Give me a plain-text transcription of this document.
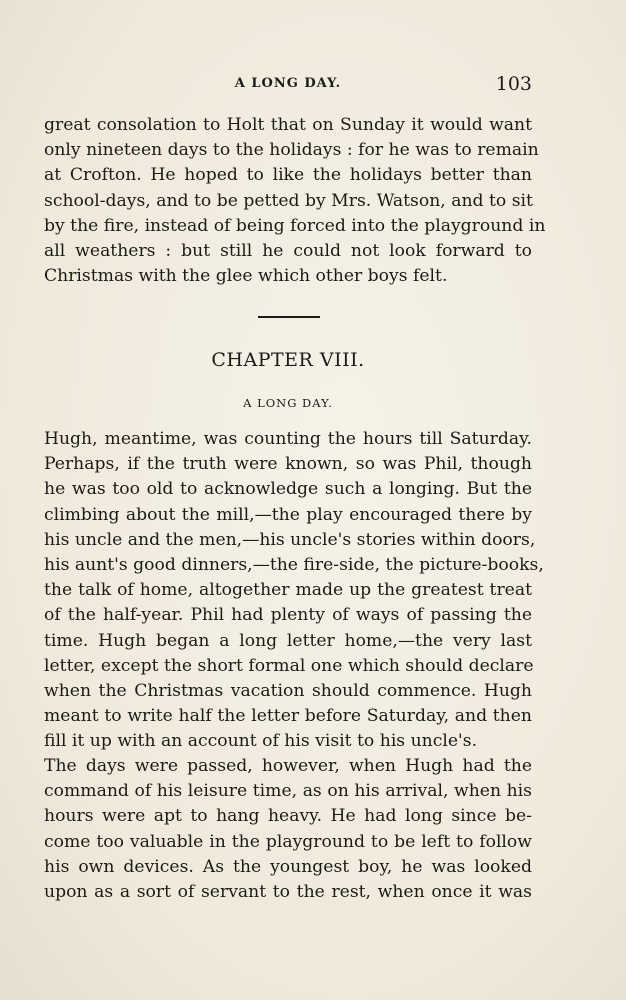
A LONG DAY.	103

great consolation to Holt that on Sunday it would want
only nineteen days to the holidays : for he was to remain
at Crofton. He hoped to like the holidays better than
school-days, and to be petted by Mrs. Watson, and to sit
by the fire, instead of being forced into the playground in
all weathers : but still he could not look forward to
Christmas with the glee which other boys felt.

CHAPTER VIII.
A LONG DAY.

Hugh, meantime, was counting the hours till Saturday.
Perhaps, if the truth were known, so was Phil, though
he was too old to acknowledge such a longing. But the
climbing about the mill,—the play encouraged there by
his uncle and the men,—his uncle's stories within doors,
his aunt's good dinners,—the fire-side, the picture-books,
the talk of home, altogether made up the greatest treat
of the half-year. Phil had plenty of ways of passing the
time. Hugh began a long letter home,—the very last
letter, except the short formal one which should declare
when the Christmas vacation should commence. Hugh
meant to write half the letter before Saturday, and then
fill it up with an account of his visit to his uncle's.

The days were passed, however, when Hugh had the
command of his leisure time, as on his arrival, when his
hours were apt to hang heavy. He had long since be-
come too valuable in the playground to be left to follow
his own devices. As the youngest boy, he was looked
upon as a sort of servant to the rest, when once it was
